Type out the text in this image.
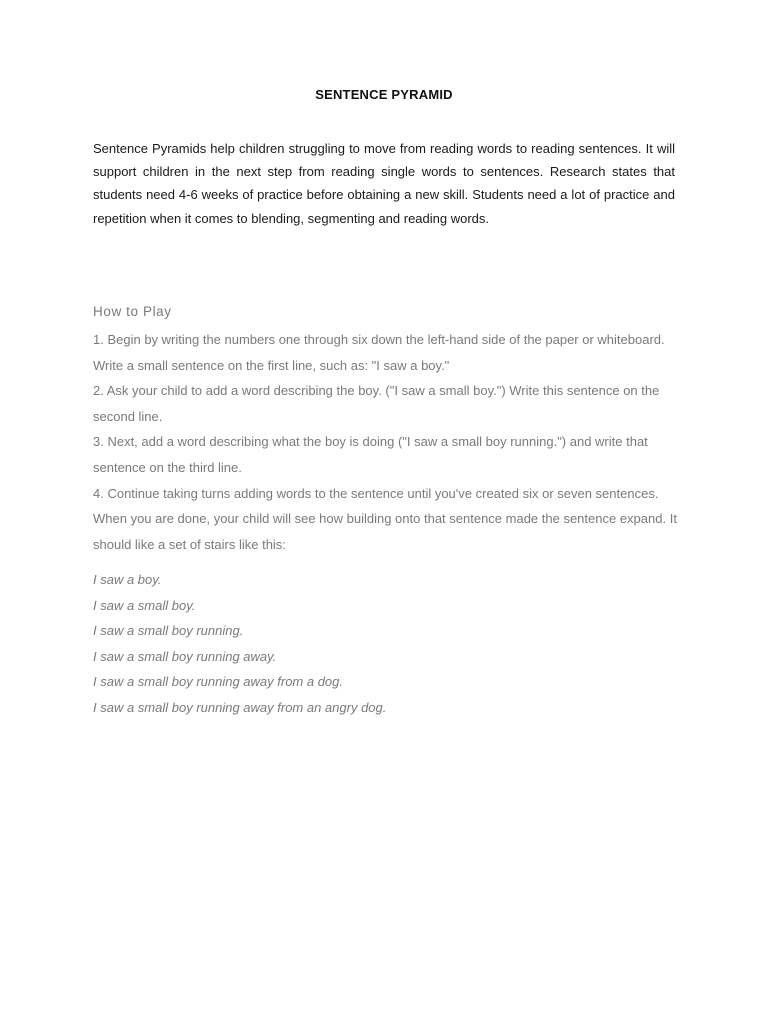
SENTENCE PYRAMID

Sentence Pyramids help children struggling to move from reading words to reading sentences. It will support children in the next step from reading single words to sentences. Research states that students need 4-6 weeks of practice before obtaining a new skill. Students need a lot of practice and repetition when it comes to blending, segmenting and reading words.

How to Play

1. Begin by writing the numbers one through six down the left-hand side of the paper or whiteboard. Write a small sentence on the first line, such as: "I saw a boy."

2. Ask your child to add a word describing the boy. ("I saw a small boy.") Write this sentence on the second line.

3. Next, add a word describing what the boy is doing ("I saw a small boy running.") and write that sentence on the third line.

4. Continue taking turns adding words to the sentence until you've created six or seven sentences. When you are done, your child will see how building onto that sentence made the sentence expand. It should like a set of stairs like this:

I saw a boy.

I saw a small boy.

I saw a small boy running.

I saw a small boy running away.

I saw a small boy running away from a dog.

I saw a small boy running away from an angry dog.
